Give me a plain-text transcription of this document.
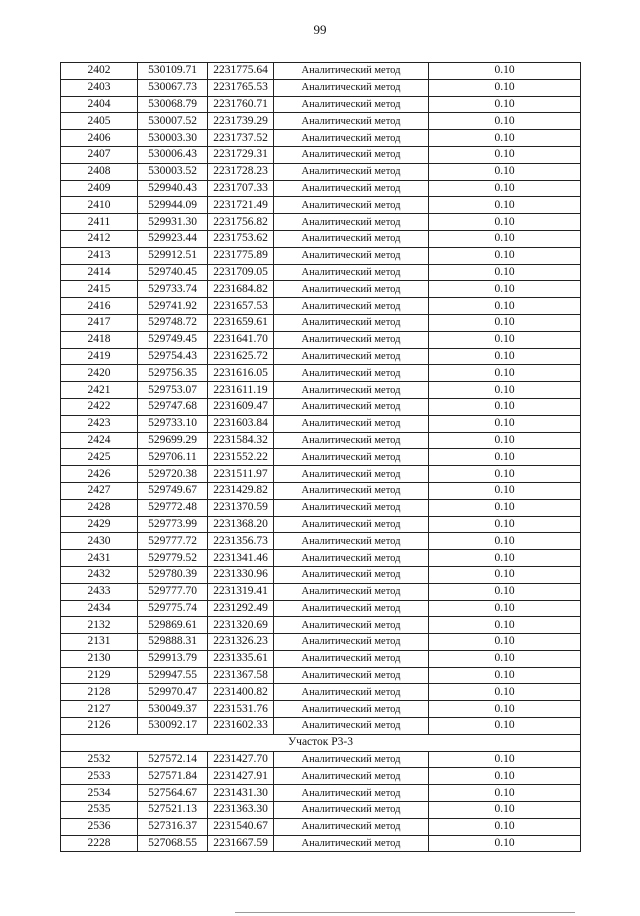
99
2402	530109.71	2231775.64	Аналитический метод	0.10
2403	530067.73	2231765.53	Аналитический метод	0.10
2404	530068.79	2231760.71	Аналитический метод	0.10
2405	530007.52	2231739.29	Аналитический метод	0.10
2406	530003.30	2231737.52	Аналитический метод	0.10
2407	530006.43	2231729.31	Аналитический метод	0.10
2408	530003.52	2231728.23	Аналитический метод	0.10
2409	529940.43	2231707.33	Аналитический метод	0.10
2410	529944.09	2231721.49	Аналитический метод	0.10
2411	529931.30	2231756.82	Аналитический метод	0.10
2412	529923.44	2231753.62	Аналитический метод	0.10
2413	529912.51	2231775.89	Аналитический метод	0.10
2414	529740.45	2231709.05	Аналитический метод	0.10
2415	529733.74	2231684.82	Аналитический метод	0.10
2416	529741.92	2231657.53	Аналитический метод	0.10
2417	529748.72	2231659.61	Аналитический метод	0.10
2418	529749.45	2231641.70	Аналитический метод	0.10
2419	529754.43	2231625.72	Аналитический метод	0.10
2420	529756.35	2231616.05	Аналитический метод	0.10
2421	529753.07	2231611.19	Аналитический метод	0.10
2422	529747.68	2231609.47	Аналитический метод	0.10
2423	529733.10	2231603.84	Аналитический метод	0.10
2424	529699.29	2231584.32	Аналитический метод	0.10
2425	529706.11	2231552.22	Аналитический метод	0.10
2426	529720.38	2231511.97	Аналитический метод	0.10
2427	529749.67	2231429.82	Аналитический метод	0.10
2428	529772.48	2231370.59	Аналитический метод	0.10
2429	529773.99	2231368.20	Аналитический метод	0.10
2430	529777.72	2231356.73	Аналитический метод	0.10
2431	529779.52	2231341.46	Аналитический метод	0.10
2432	529780.39	2231330.96	Аналитический метод	0.10
2433	529777.70	2231319.41	Аналитический метод	0.10
2434	529775.74	2231292.49	Аналитический метод	0.10
2132	529869.61	2231320.69	Аналитический метод	0.10
2131	529888.31	2231326.23	Аналитический метод	0.10
2130	529913.79	2231335.61	Аналитический метод	0.10
2129	529947.55	2231367.58	Аналитический метод	0.10
2128	529970.47	2231400.82	Аналитический метод	0.10
2127	530049.37	2231531.76	Аналитический метод	0.10
2126	530092.17	2231602.33	Аналитический метод	0.10
Участок Р3-3				
2532	527572.14	2231427.70	Аналитический метод	0.10
2533	527571.84	2231427.91	Аналитический метод	0.10
2534	527564.67	2231431.30	Аналитический метод	0.10
2535	527521.13	2231363.30	Аналитический метод	0.10
2536	527316.37	2231540.67	Аналитический метод	0.10
2228	527068.55	2231667.59	Аналитический метод	0.10
